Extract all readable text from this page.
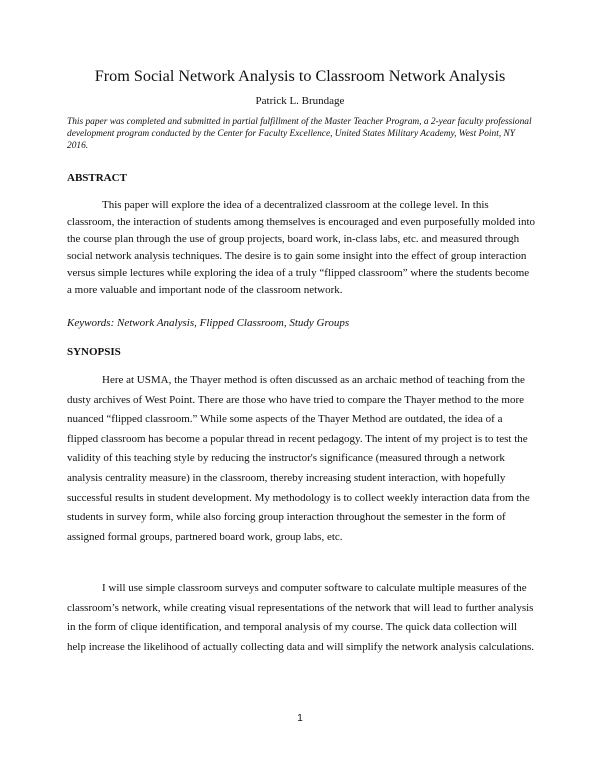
From Social Network Analysis to Classroom Network Analysis

Patrick L. Brundage

This paper was completed and submitted in partial fulfillment of the Master Teacher Program, a 2-year faculty professional development program conducted by the Center for Faculty Excellence, United States Military Academy, West Point, NY 2016.

ABSTRACT

This paper will explore the idea of a decentralized classroom at the college level. In this classroom, the interaction of students among themselves is encouraged and even purposefully molded into the course plan through the use of group projects, board work, in-class labs, etc. and measured through social network analysis techniques. The desire is to gain some insight into the effect of group interaction versus simple lectures while exploring the idea of a truly “flipped classroom” where the students become a more valuable and important node of the classroom network.

Keywords: Network Analysis, Flipped Classroom, Study Groups

SYNOPSIS

Here at USMA, the Thayer method is often discussed as an archaic method of teaching from the dusty archives of West Point. There are those who have tried to compare the Thayer method to the more nuanced “flipped classroom.” While some aspects of the Thayer Method are outdated, the idea of a flipped classroom has become a popular thread in recent pedagogy. The intent of my project is to test the validity of this teaching style by reducing the instructor's significance (measured through a network analysis centrality measure) in the classroom, thereby increasing student interaction, with hopefully successful results in student development. My methodology is to collect weekly interaction data from the students in survey form, while also forcing group interaction throughout the semester in the form of assigned formal groups, partnered board work, group labs, etc.

I will use simple classroom surveys and computer software to calculate multiple measures of the classroom’s network, while creating visual representations of the network that will lead to further analysis in the form of clique identification, and temporal analysis of my course. The quick data collection will help increase the likelihood of actually collecting data and will simplify the network analysis calculations.

1
